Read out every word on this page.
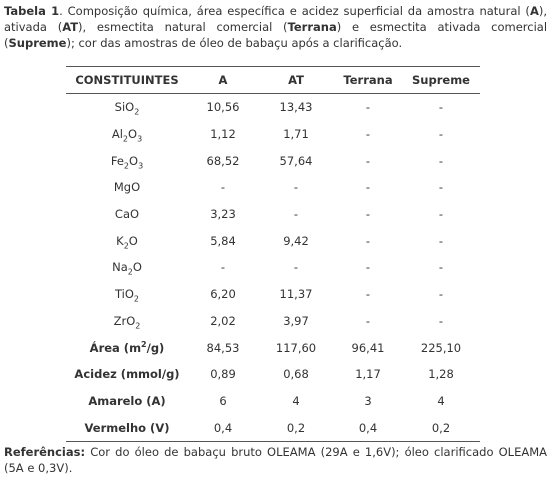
Tabela 1. Composição química, área específica e acidez superficial da amostra natural (A), ativada (AT), esmectita natural comercial (Terrana) e esmectita ativada comercial (Supreme); cor das amostras de óleo de babaçu após a clarificação.

CONSTITUINTES	A	AT	Terrana	Supreme
SiO$_2$	10,56	13,43	-	-
$Al_2O_3$	1,12	1,71	-	-
$Fe_2O_3$	68,52	57,64	-	-
MgO	-	-	-	-
CaO	3,23	-	-	-
$K_2O$	5,84	9,42	-	-
$Na_2O$	-	-	-	-
TiO$_2$	6,20	11,37	-	-
ZrO$_2$	2,02	3,97	-	-
Área $(m^2/g)$	84,53	117,60	96,41	225,10
Acidez (mmol/g)	0,89	0,68	1,17	1,28
Amarelo (A)	6	4	3	4
Vermelho (V)	0,4	0,2	0,4	0,2

Referências: Cor do óleo de babaçu bruto OLEAMA (29A e 1,6V); óleo clarificado OLEAMA (5A e 0,3V).
